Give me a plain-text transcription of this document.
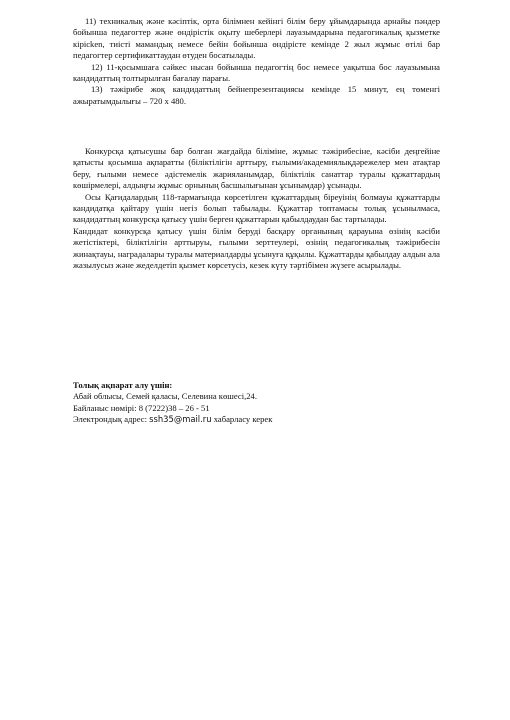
11) техникалық және кәсіптік, орта білімнен кейінгі білім беру ұйымдарында арнайы пәндер бойынша педагогтер және өндірістік оқыту шеберлері лауазымдарына педагогикалық қызметке кірісken, тиісті мамандық немесе бейін бойынша өндірісте кемінде 2 жыл жұмыс өтілі бар педагогтер сертификаттаудан өтуден босатылады.

12) 11-қосымшаға сәйкес нысан бойынша педагогтің бос немесе уақытша бос лауазымына кандидаттың толтырылған бағалау парағы.

13) тәжірибе жоқ кандидаттың бейнепрезентациясы кемінде 15 минут, ең төменгі ажыратымдылығы – 720 x 480.

Конкурсқа қатысушы бар болған жағдайда біліміне, жұмыс тәжірибесіне, кәсіби деңгейіне қатысты қосымша ақпаратты (біліктілігін арттыру, ғылыми/академиялықдәрежелер мен атақтар беру, ғылыми немесе әдістемелік жарияланымдар, біліктілік санаттар туралы құжаттардың көшірмелері, алдыңғы жұмыс орнының басшылығынан ұсынымдар) ұсынады.

Осы Қағидалардың 118-тармағында көрсетілген құжаттардың біреуінің болмауы құжаттарды кандидатқа қайтару үшін негіз болып табылады. Құжаттар топтамасы толық ұсынылмаса, кандидаттың конкурсқа қатысу үшін берген құжаттарын қабылдаудан бас тартылады.

Кандидат конкурсқа қатысу үшін білім беруді басқару органының қарауына өзінің кәсіби жетістіктері, біліктілігін арттыруы, ғылыми зерттеулері, өзінің педагогикалық тәжірибесін жинақтауы, наградалары туралы материалдарды ұсынуға құқылы. Құжаттарды қабылдау алдын ала жазылусыз және жеделдетіп қызмет көрсетусіз, кезек күту тәртібімен жүзеге асырылады.

Толық ақпарат алу үшін:

Абай облысы, Семей қаласы, Селевина көшесі,24.

Байланыс нөмірі: 8 (7222)38 – 26 - 51

Электрондық адрес: ssh35@mail.ru хабарласу керек
